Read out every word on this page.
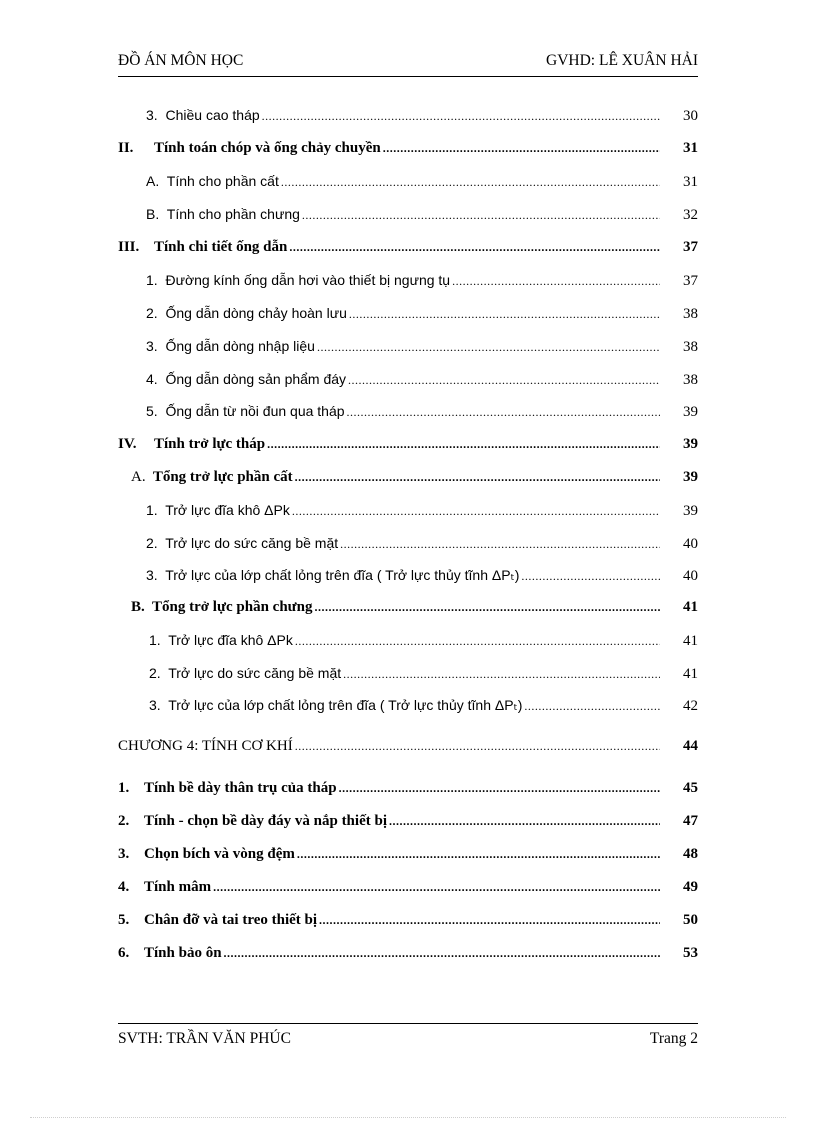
ĐỒ ÁN MÔN HỌC	GVHD: LÊ XUÂN HẢI
3. Chiều cao tháp .....	30
II. Tính toán chóp và ống chảy chuyền .....	31
A. Tính cho phần cất .....	31
B. Tính cho phần chưng .....	32
III. Tính chi tiết ống dẫn .....	37
1. Đường kính ống dẫn hơi vào thiết bị ngưng tụ .....	37
2. Ống dẫn dòng chảy hoàn lưu .....	38
3. Ống dẫn dòng nhập liệu .....	38
4. Ống dẫn dòng sản phẩm đáy .....	38
5. Ống dẫn từ nồi đun qua tháp .....	39
IV. Tính trở lực tháp .....	39
A. Tổng trở lực phần cất .....	39
1. Trở lực đĩa khô ΔPk .....	39
2. Trở lực do sức căng bề mặt .....	40
3. Trở lực của lớp chất lỏng trên đĩa ( Trở lực thủy tĩnh ΔPₜ) .....	40
B. Tổng trở lực phần chưng .....	41
1. Trở lực đĩa khô ΔPk .....	41
2. Trở lực do sức căng bề mặt .....	41
3. Trở lực của lớp chất lỏng trên đĩa ( Trở lực thủy tĩnh ΔPₜ) .....	42
CHƯƠNG 4: TÍNH CƠ KHÍ .....	44
1. Tính bề dày thân trụ của tháp .....	45
2. Tính - chọn bề dày đáy và nắp thiết bị .....	47
3. Chọn bích và vòng đệm .....	48
4. Tính mâm .....	49
5. Chân đỡ và tai treo thiết bị .....	50
6. Tính bảo ôn .....	53
SVTH: TRẦN VĂN PHÚC	Trang 2
